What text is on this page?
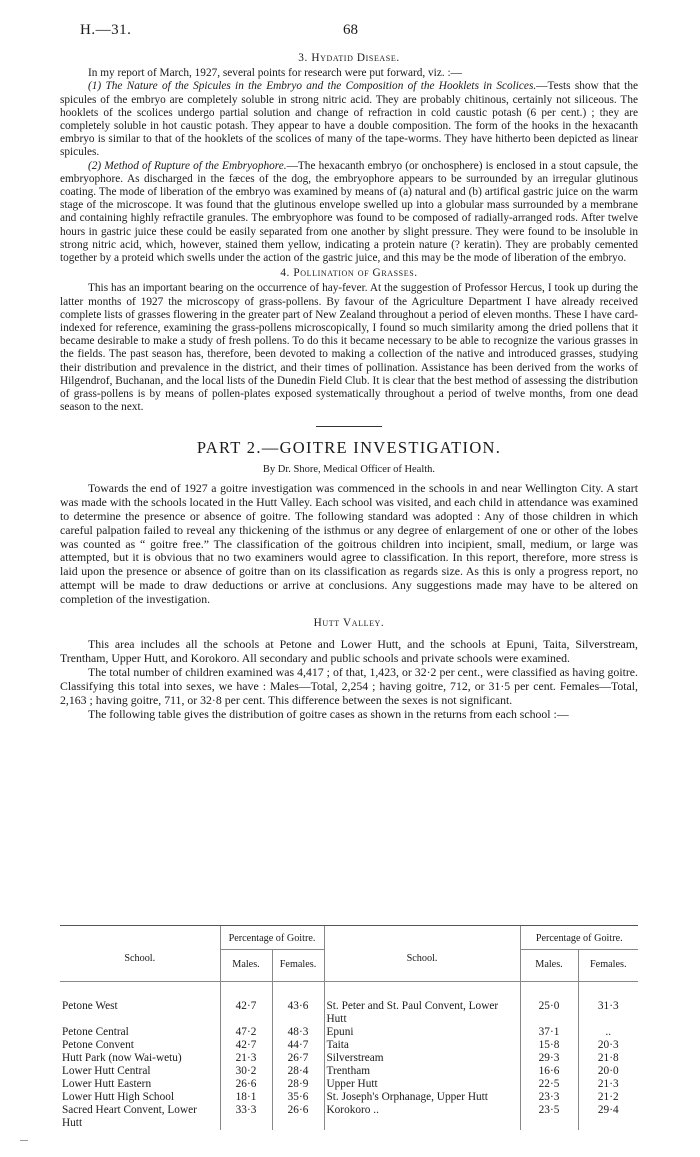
H.—31.	68
3. Hydatid Disease.

In my report of March, 1927, several points for research were put forward, viz. :—

(1) The Nature of the Spicules in the Embryo and the Composition of the Hooklets in Scolices.—Tests show that the spicules of the embryo are completely soluble in strong nitric acid. They are probably chitinous, certainly not siliceous. The hooklets of the scolices undergo partial solution and change of refraction in cold caustic potash (6 per cent.) ; they are completely soluble in hot caustic potash. They appear to have a double composition. The form of the hooks in the hexacanth embryo is similar to that of the hooklets of the scolices of many of the tape-worms. They have hitherto been depicted as linear spicules.

(2) Method of Rupture of the Embryophore.—The hexacanth embryo (or onchosphere) is enclosed in a stout capsule, the embryophore. As discharged in the fæces of the dog, the embryophore appears to be surrounded by an irregular glutinous coating. The mode of liberation of the embryo was examined by means of (a) natural and (b) artifical gastric juice on the warm stage of the microscope. It was found that the glutinous envelope swelled up into a globular mass surrounded by a membrane and containing highly refractile granules. The embryophore was found to be composed of radially-arranged rods. After twelve hours in gastric juice these could be easily separated from one another by slight pressure. They were found to be insoluble in strong nitric acid, which, however, stained them yellow, indicating a protein nature (? keratin). They are probably cemented together by a proteid which swells under the action of the gastric juice, and this may be the mode of liberation of the embryo.

4. Pollination of Grasses.

This has an important bearing on the occurrence of hay-fever. At the suggestion of Professor Hercus, I took up during the latter months of 1927 the microscopy of grass-pollens. By favour of the Agriculture Department I have already received complete lists of grasses flowering in the greater part of New Zealand throughout a period of eleven months. These I have card-indexed for reference, examining the grass-pollens microscopically, I found so much similarity among the dried pollens that it became desirable to make a study of fresh pollens. To do this it became necessary to be able to recognize the various grasses in the fields. The past season has, therefore, been devoted to making a collection of the native and introduced grasses, studying their distribution and prevalence in the district, and their times of pollination. Assistance has been derived from the works of Hilgendrof, Buchanan, and the local lists of the Dunedin Field Club. It is clear that the best method of assessing the distribution of grass-pollens is by means of pollen-plates exposed systematically throughout a period of twelve months, from one dead season to the next.

PART 2.—GOITRE INVESTIGATION.
By Dr. Shore, Medical Officer of Health.

Towards the end of 1927 a goitre investigation was commenced in the schools in and near Wellington City. A start was made with the schools located in the Hutt Valley. Each school was visited, and each child in attendance was examined to determine the presence or absence of goitre. The following standard was adopted : Any of those children in which careful palpation failed to reveal any thickening of the isthmus or any degree of enlargement of one or other of the lobes was counted as “ goitre free.” The classification of the goitrous children into incipient, small, medium, or large was attempted, but it is obvious that no two examiners would agree to classification. In this report, therefore, more stress is laid upon the presence or absence of goitre than on its classification as regards size. As this is only a progress report, no attempt will be made to draw deductions or arrive at conclusions. Any suggestions made may have to be altered on completion of the investigation.

Hutt Valley.

This area includes all the schools at Petone and Lower Hutt, and the schools at Epuni, Taita, Silverstream, Trentham, Upper Hutt, and Korokoro. All secondary and public schools and private schools were examined.

The total number of children examined was 4,417 ; of that, 1,423, or 32·2 per cent., were classified as having goitre. Classifying this total into sexes, we have : Males—Total, 2,254 ; having goitre, 712, or 31·5 per cent. Females—Total, 2,163 ; having goitre, 711, or 32·8 per cent. This difference between the sexes is not significant.

The following table gives the distribution of goitre cases as shown in the returns from each school :—

School.	Percentage of Goitre.		School.	Percentage of Goitre.	
	Males.	Females.		Males.	Females.

Petone West	42·7	43·6	St. Peter and St. Paul Convent, Lower Hutt	25·0	31·3
Petone Central	47·2	48·3	Epuni	37·1	..
Petone Convent	42·7	44·7	Taita	15·8	20·3
Hutt Park (now Wai-wetu)	21·3	26·7	Silverstream	29·3	21·8
Lower Hutt Central	30·2	28·4	Trentham	16·6	20·0
Lower Hutt Eastern	26·6	28·9	Upper Hutt	22·5	21·3
Lower Hutt High School	18·1	35·6	St. Joseph's Orphanage, Upper Hutt	23·3	21·2
Sacred Heart Convent, Lower Hutt	33·3	26·6	Korokoro ..	23·5	29·4
